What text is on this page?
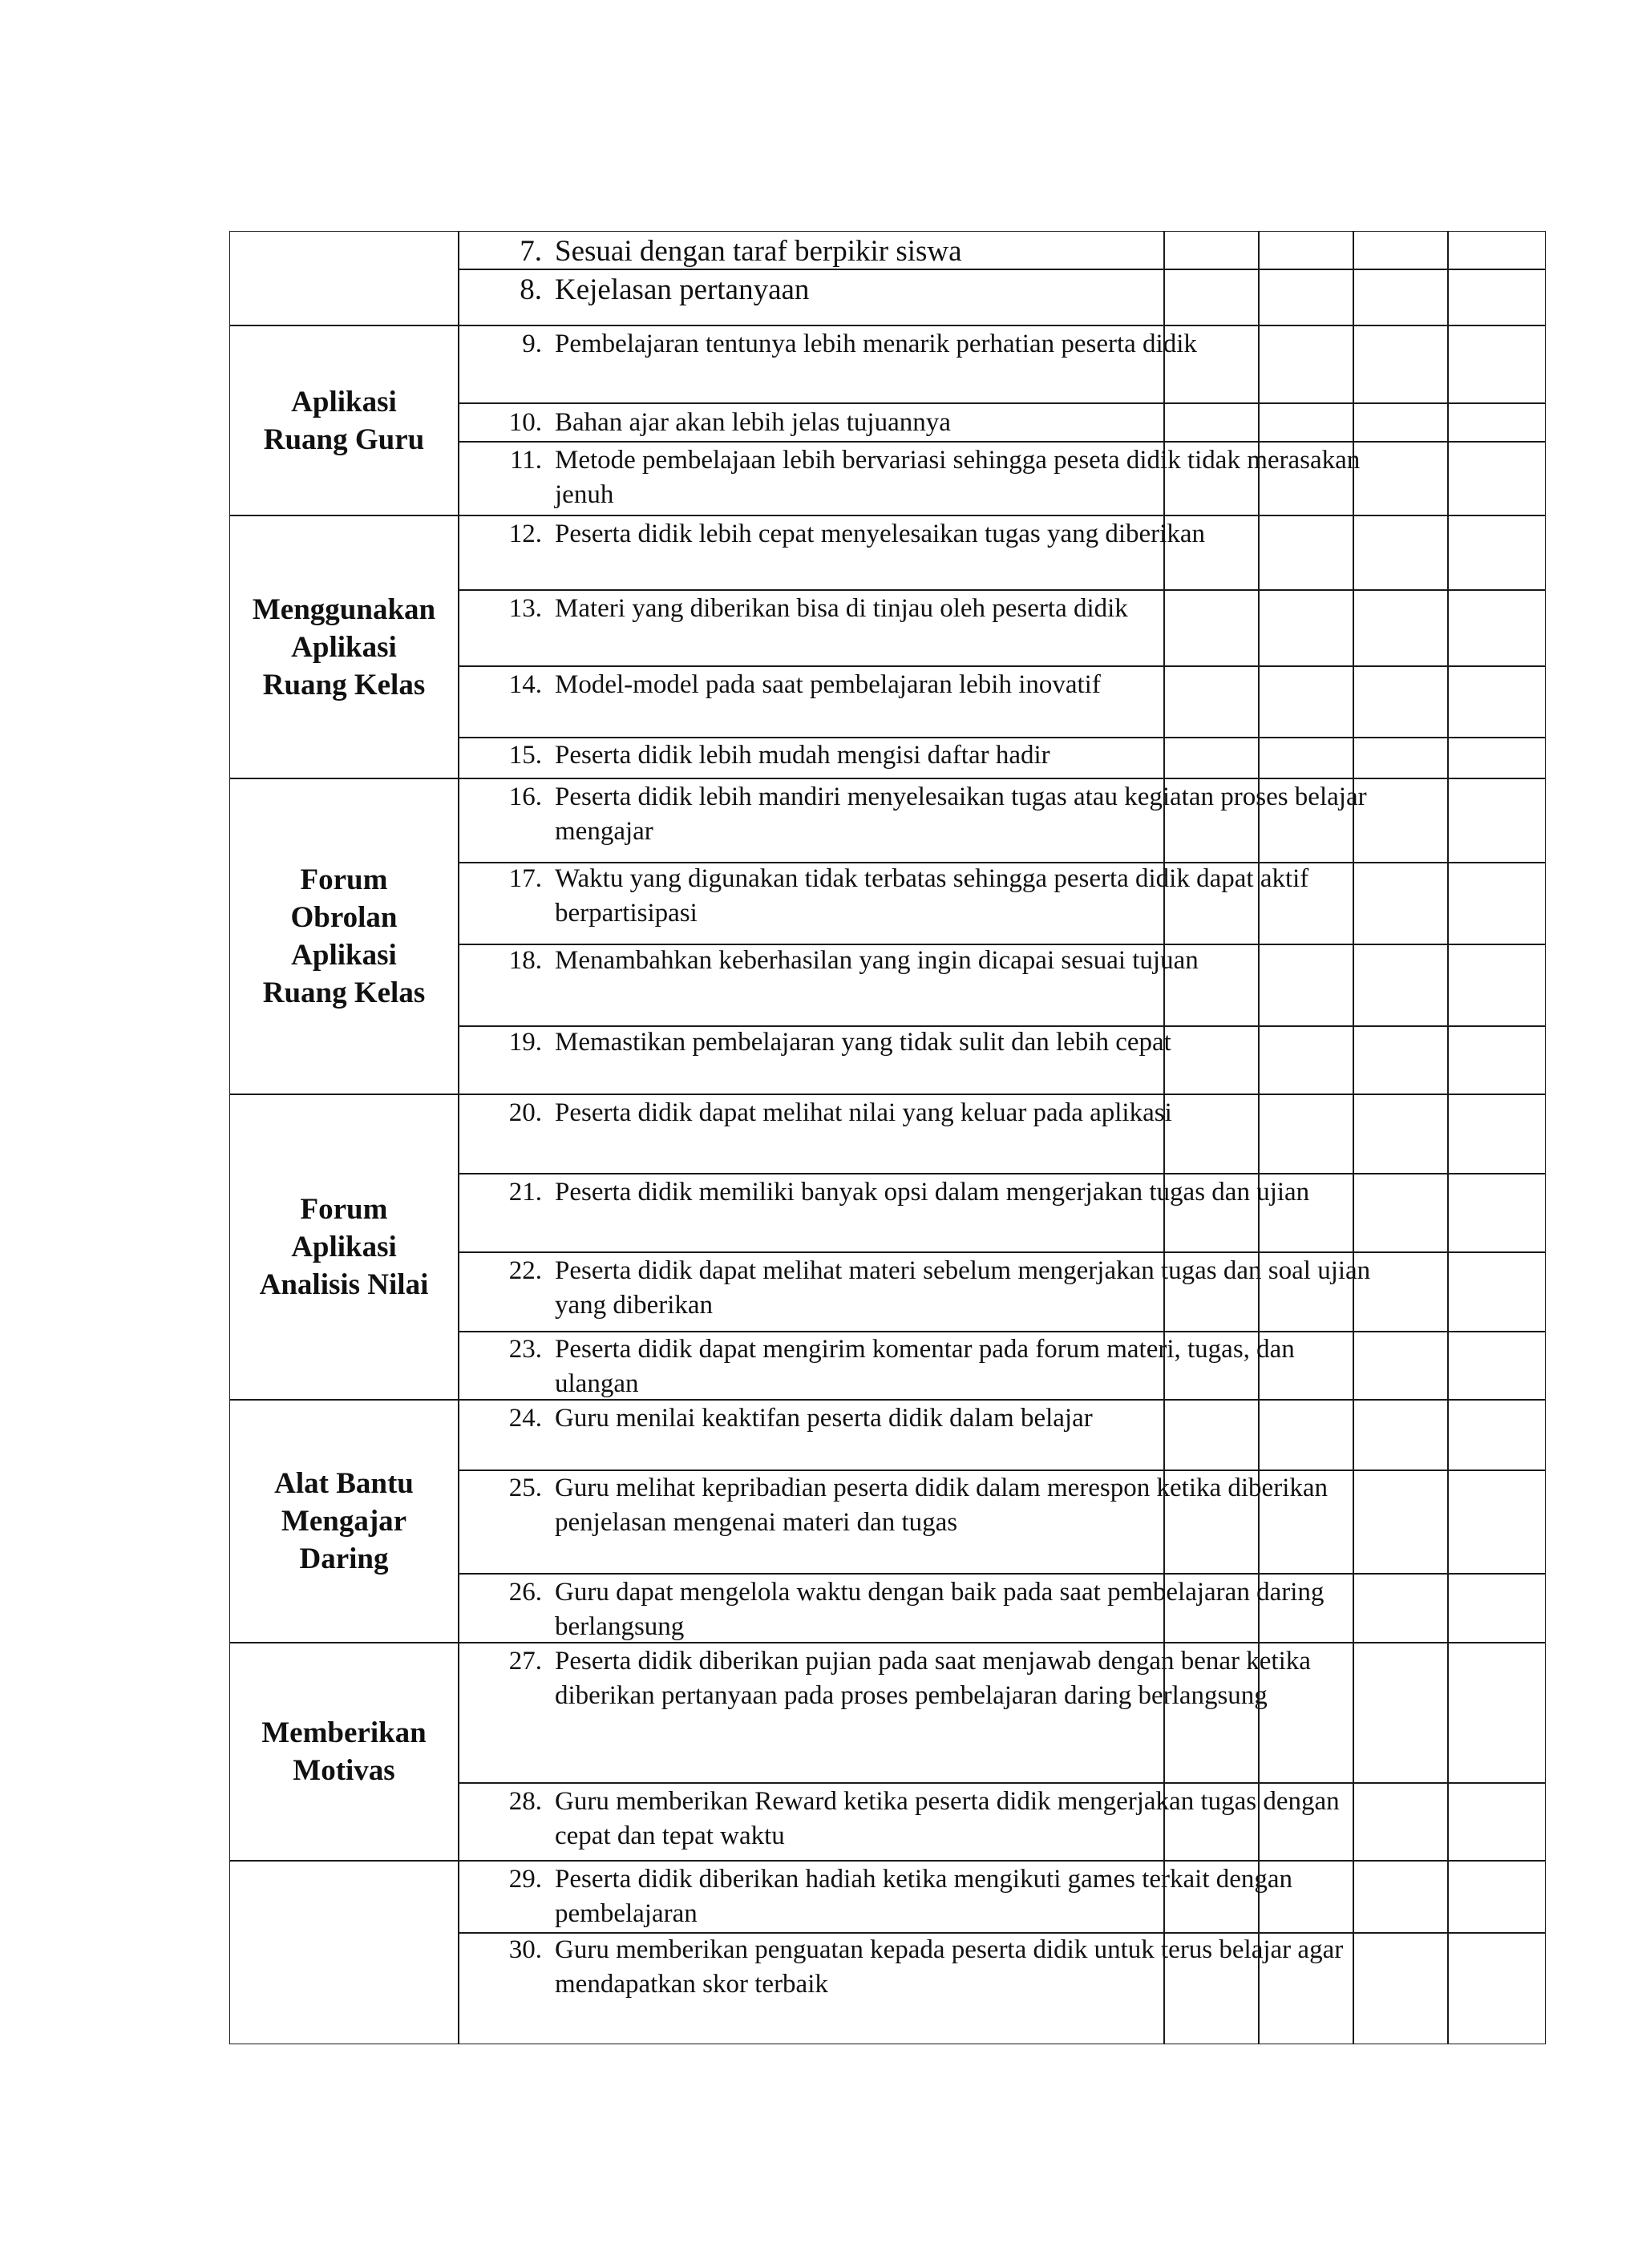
Aplikasi
Ruang Guru
Menggunakan
Aplikasi
Ruang Kelas
Forum
Obrolan
Aplikasi
Ruang Kelas
Forum
Aplikasi
Analisis Nilai
Alat Bantu
Mengajar
Daring
Memberikan
Motivas
7. Sesuai dengan taraf berpikir siswa
8. Kejelasan pertanyaan
9. Pembelajaran tentunya lebih menarik perhatian peserta didik
10. Bahan ajar akan lebih jelas tujuannya
11. Metode pembelajaan lebih bervariasi sehingga peseta didik tidak merasakan jenuh
12. Peserta didik lebih cepat menyelesaikan tugas yang diberikan
13. Materi yang diberikan bisa di tinjau oleh peserta didik
14. Model-model pada saat pembelajaran lebih inovatif
15. Peserta didik lebih mudah mengisi daftar hadir
16. Peserta didik lebih mandiri menyelesaikan tugas atau kegiatan proses belajar mengajar
17. Waktu yang digunakan tidak terbatas sehingga peserta didik dapat aktif berpartisipasi
18. Menambahkan keberhasilan yang ingin dicapai sesuai tujuan
19. Memastikan pembelajaran yang tidak sulit dan lebih cepat
20. Peserta didik dapat melihat nilai yang keluar pada aplikasi
21. Peserta didik memiliki banyak opsi dalam mengerjakan tugas dan ujian
22. Peserta didik dapat melihat materi sebelum mengerjakan tugas dan soal ujian yang diberikan
23. Peserta didik dapat mengirim komentar pada forum materi, tugas, dan ulangan
24. Guru menilai keaktifan peserta didik dalam belajar
25. Guru melihat kepribadian peserta didik dalam merespon ketika diberikan penjelasan mengenai materi dan tugas
26. Guru dapat mengelola waktu dengan baik pada saat pembelajaran daring berlangsung
27. Peserta didik diberikan pujian pada saat menjawab dengan benar ketika diberikan pertanyaan pada proses pembelajaran daring berlangsung
28. Guru memberikan Reward ketika peserta didik mengerjakan tugas dengan cepat dan tepat waktu
29. Peserta didik diberikan hadiah ketika mengikuti games terkait dengan pembelajaran
30. Guru memberikan penguatan kepada peserta didik untuk terus belajar agar mendapatkan skor terbaik
